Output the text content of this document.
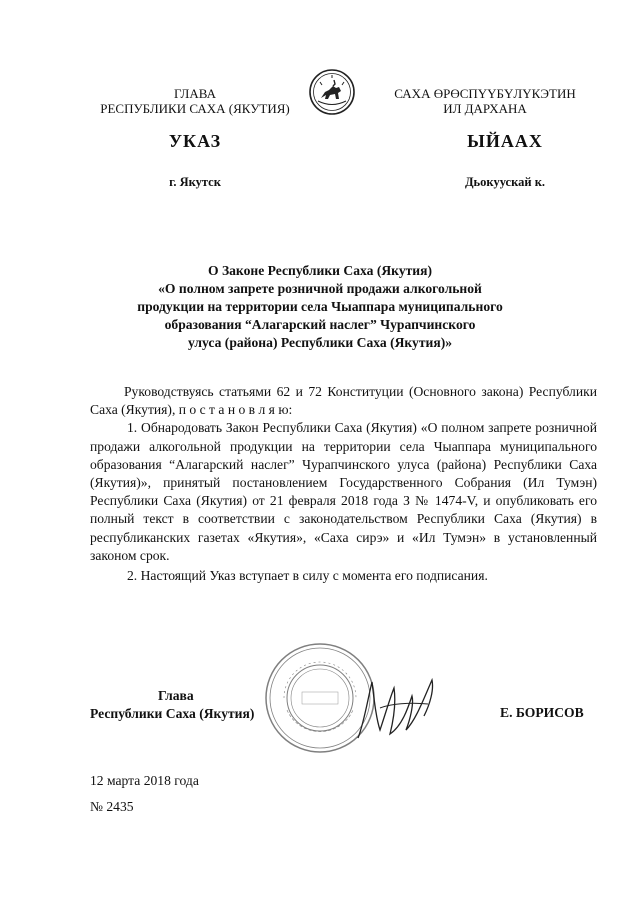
ГЛАВА
РЕСПУБЛИКИ САХА (ЯКУТИЯ)
САХА ӨРӨСПҮҮБҮЛҮКЭТИН
ИЛ ДАРХАНА
УКАЗ	ЫЙААХ
г. Якутск	Дьокуускай к.
О Законе Республики Саха (Якутия)
«О полном запрете розничной продажи алкогольной
продукции на территории села Чыаппара муниципального
образования “Алагарский наслег” Чурапчинского
улуса (района) Республики Саха (Якутия)»

Руководствуясь статьями 62 и 72 Конституции (Основного закона) Республики Саха (Якутия), п о с т а н о в л я ю:

1. Обнародовать Закон Республики Саха (Якутия) «О полном запрете розничной продажи алкогольной продукции на территории села Чыаппара муниципального образования “Алагарский наслег” Чурапчинского улуса (района) Республики Саха (Якутия)», принятый постановлением Государственного Собрания (Ил Тумэн) Республики Саха (Якутия) от 21 февраля 2018 года З № 1474-V, и опубликовать его полный текст в соответствии с законодательством Республики Саха (Якутия) в республиканских газетах «Якутия», «Саха сирэ» и «Ил Тумэн» в установленный законом срок.

2. Настоящий Указ вступает в силу с момента его подписания.

Глава
Республики Саха (Якутия)	Е. БОРИСОВ
12 марта 2018 года
№ 2435
